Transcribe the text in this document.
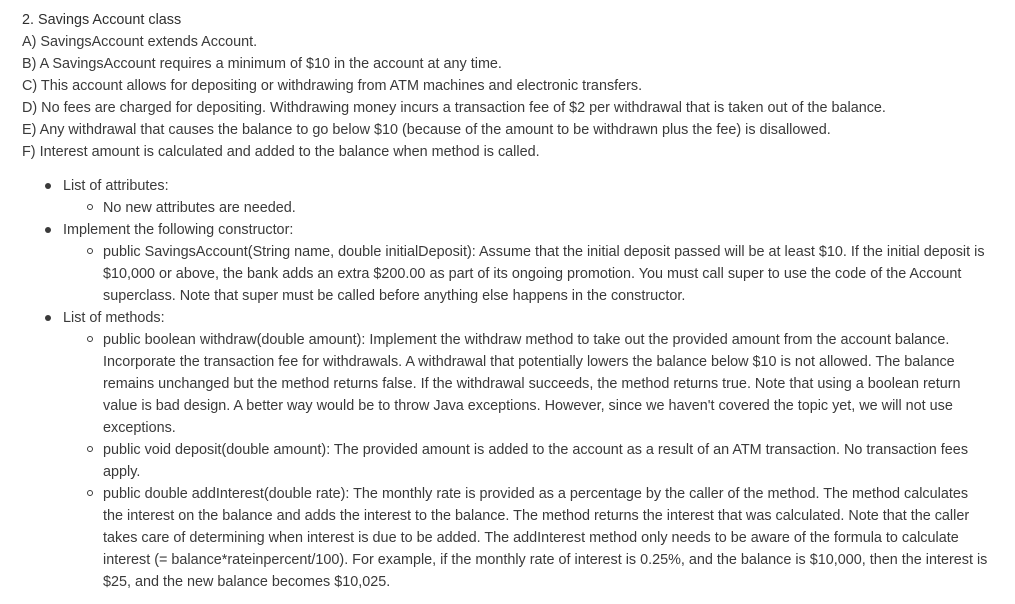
2. Savings Account class

A) SavingsAccount extends Account.

B) A SavingsAccount requires a minimum of $10 in the account at any time.

C) This account allows for depositing or withdrawing from ATM machines and electronic transfers.

D) No fees are charged for depositing. Withdrawing money incurs a transaction fee of $2 per withdrawal that is taken out of the balance.

E) Any withdrawal that causes the balance to go below $10 (because of the amount to be withdrawn plus the fee) is disallowed.

F) Interest amount is calculated and added to the balance when method is called.

List of attributes:
No new attributes are needed.
Implement the following constructor:
public SavingsAccount(String name, double initialDeposit): Assume that the initial deposit passed will be at least $10. If the initial deposit is $10,000 or above, the bank adds an extra $200.00 as part of its ongoing promotion. You must call super to use the code of the Account superclass. Note that super must be called before anything else happens in the constructor.
List of methods:
public boolean withdraw(double amount): Implement the withdraw method to take out the provided amount from the account balance. Incorporate the transaction fee for withdrawals. A withdrawal that potentially lowers the balance below $10 is not allowed. The balance remains unchanged but the method returns false. If the withdrawal succeeds, the method returns true. Note that using a boolean return value is bad design. A better way would be to throw Java exceptions. However, since we haven't covered the topic yet, we will not use exceptions.
public void deposit(double amount): The provided amount is added to the account as a result of an ATM transaction. No transaction fees apply.
public double addInterest(double rate): The monthly rate is provided as a percentage by the caller of the method. The method calculates the interest on the balance and adds the interest to the balance. The method returns the interest that was calculated. Note that the caller takes care of determining when interest is due to be added. The addInterest method only needs to be aware of the formula to calculate interest (= balance*rateinpercent/100). For example, if the monthly rate of interest is 0.25%, and the balance is $10,000, then the interest is $25, and the new balance becomes $10,025.
